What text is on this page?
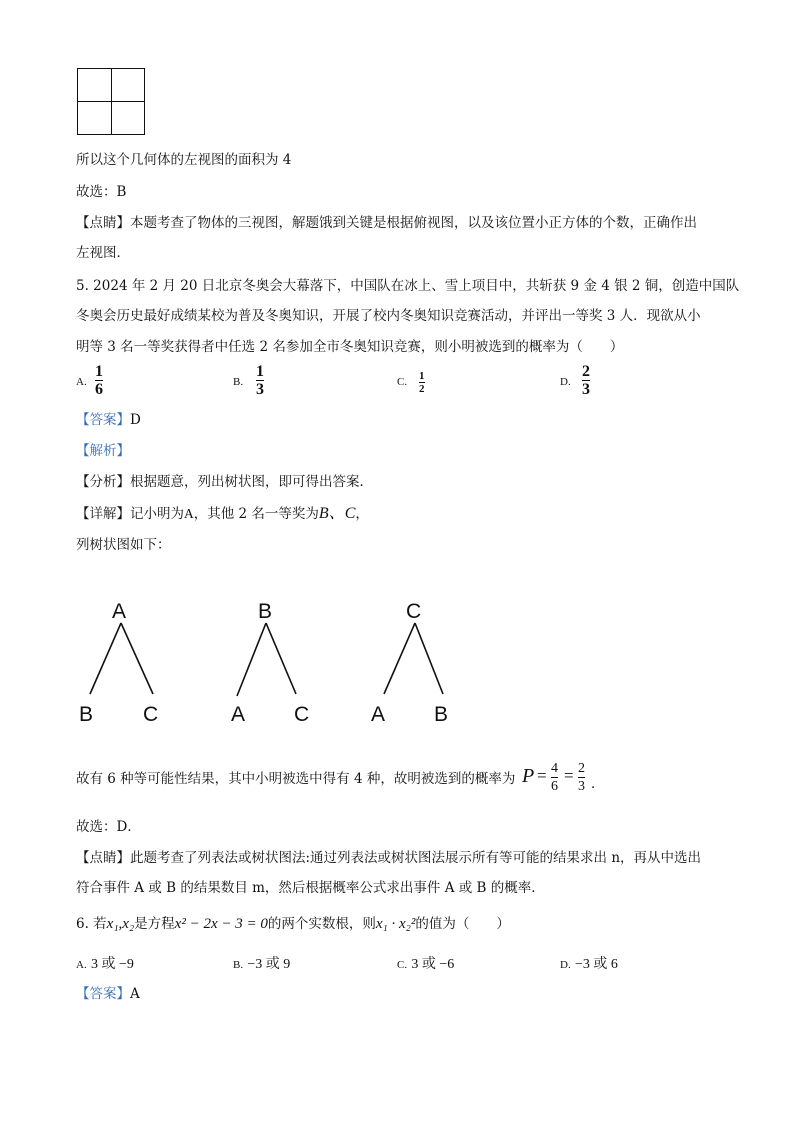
所以这个几何体的左视图的面积为 4
故选：B
【点睛】本题考查了物体的三视图，解题饿到关键是根据俯视图，以及该位置小正方体的个数，正确作出
左视图．
5. 2024 年 2 月 20 日北京冬奥会大幕落下，中国队在冰上、雪上项目中，共斩获 9 金 4 银 2 铜，创造中国队
冬奥会历史最好成绩某校为普及冬奥知识，开展了校内冬奥知识竞赛活动，并评出一等奖 3 人．现欲从小
明等 3 名一等奖获得者中任选 2 名参加全市冬奥知识竞赛，则小明被选到的概率为（　　）
A.
1
6	B.
1
3	C. 1
2
D.
2
3
【答案】D
【解析】
【分析】根据题意，列出树状图，即可得出答案．
【详解】记小明为A，其他 2 名一等奖为B、C，
列树状图如下：
A
B C
B
A C
C
A B
故有 6 种等可能性结果，其中小明被选中得有 4 种，故明被选到的概率为 P = 4
6
= 2
3 ．
故选：D．
【点睛】此题考查了列表法或树状图法:通过列表法或树状图法展示所有等可能的结果求出 n，再从中选出
符合事件 A 或 B 的结果数目 m，然后根据概率公式求出事件 A 或 B 的概率．
6. 若x₁,x₂是方程x² − 2x − 3 = 0的两个实数根，则x₁ · x₂²的值为（　　）
A. 3 或 −9	B. −3 或 9	C. 3 或 −6	D. −3 或 6
【答案】A
